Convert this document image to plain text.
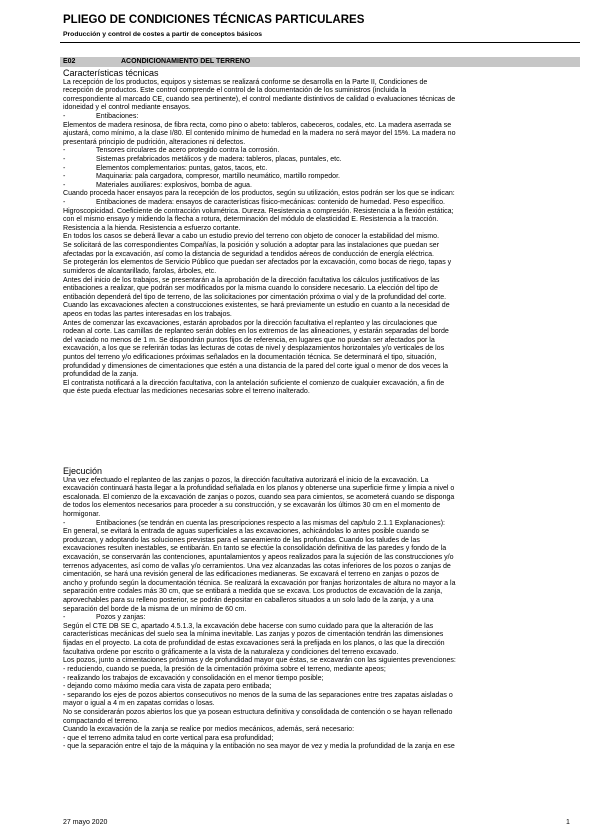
PLIEGO DE CONDICIONES TÉCNICAS PARTICULARES
Producción y control de costes a partir de conceptos básicos
E02	ACONDICIONAMIENTO DEL TERRENO
Características técnicas
La recepción de los productos, equipos y sistemas se realizará conforme se desarrolla en la Parte II, Condiciones de
recepción de productos. Este control comprende el control de la documentación de los suministros (incluida la
correspondiente al marcado CE, cuando sea pertinente), el control mediante distintivos de calidad o evaluaciones técnicas de
idoneidad y el control mediante ensayos.
-	Entibaciones:
Elementos de madera resinosa, de fibra recta, como pino o abeto: tableros, cabeceros, codales, etc. La madera aserrada se
ajustará, como mínimo, a la clase I/80. El contenido mínimo de humedad en la madera no será mayor del 15%. La madera no
presentará principio de pudrición, alteraciones ni defectos.
-	Tensores circulares de acero protegido contra la corrosión.
-	Sistemas prefabricados metálicos y de madera: tableros, placas, puntales, etc.
-	Elementos complementarios: puntas, gatos, tacos, etc.
-	Maquinaria: pala cargadora, compresor, martillo neumático, martillo rompedor.
-	Materiales auxiliares: explosivos, bomba de agua.
Cuando proceda hacer ensayos para la recepción de los productos, según su utilización, estos podrán ser los que se indican:
-	Entibaciones de madera: ensayos de características físico-mecánicas: contenido de humedad. Peso específico.
Higroscopicidad. Coeficiente de contracción volumétrica. Dureza. Resistencia a compresión. Resistencia a la flexión estática;
con el mismo ensayo y midiendo la flecha a rotura, determinación del módulo de elasticidad E. Resistencia a la tracción.
Resistencia a la hienda. Resistencia a esfuerzo cortante.
En todos los casos se deberá llevar a cabo un estudio previo del terreno con objeto de conocer la estabilidad del mismo.
Se solicitará de las correspondientes Compañías, la posición y solución a adoptar para las instalaciones que puedan ser
afectadas por la excavación, así como la distancia de seguridad a tendidos aéreos de conducción de energía eléctrica.
Se protegerán los elementos de Servicio Público que puedan ser afectados por la excavación, como bocas de riego, tapas y
sumideros de alcantarillado, farolas, árboles, etc.
Antes del inicio de los trabajos, se presentarán a la aprobación de la dirección facultativa los cálculos justificativos de las
entibaciones a realizar, que podrán ser modificados por la misma cuando lo considere necesario. La elección del tipo de
entibación dependerá del tipo de terreno, de las solicitaciones por cimentación próxima o vial y de la profundidad del corte.
Cuando las excavaciones afecten a construcciones existentes, se hará previamente un estudio en cuanto a la necesidad de
apeos en todas las partes interesadas en los trabajos.
Antes de comenzar las excavaciones, estarán aprobados por la dirección facultativa el replanteo y las circulaciones que
rodean al corte. Las camillas de replanteo serán dobles en los extremos de las alineaciones, y estarán separadas del borde
del vaciado no menos de 1 m. Se dispondrán puntos fijos de referencia, en lugares que no puedan ser afectados por la
excavación, a los que se referirán todas las lecturas de cotas de nivel y desplazamientos horizontales y/o verticales de los
puntos del terreno y/o edificaciones próximas señalados en la documentación técnica. Se determinará el tipo, situación,
profundidad y dimensiones de cimentaciones que estén a una distancia de la pared del corte igual o menor de dos veces la
profundidad de la zanja.
El contratista notificará a la dirección facultativa, con la antelación suficiente el comienzo de cualquier excavación, a fin de
que éste pueda efectuar las mediciones necesarias sobre el terreno inalterado.
Ejecución
Una vez efectuado el replanteo de las zanjas o pozos, la dirección facultativa autorizará el inicio de la excavación. La
excavación continuará hasta llegar a la profundidad señalada en los planos y obtenerse una superficie firme y limpia a nivel o
escalonada. El comienzo de la excavación de zanjas o pozos, cuando sea para cimientos, se acometerá cuando se disponga
de todos los elementos necesarios para proceder a su construcción, y se excavarán los últimos 30 cm en el momento de
hormigonar.
-	Entibaciones (se tendrán en cuenta las prescripciones respecto a las mismas del cap/tulo 2.1.1 Explanaciones):
En general, se evitará la entrada de aguas superficiales a las excavaciones, achicándolas lo antes posible cuando se
produzcan, y adoptando las soluciones previstas para el saneamiento de las profundas. Cuando los taludes de las
excavaciones resulten inestables, se entibarán. En tanto se efectúe la consolidación definitiva de las paredes y fondo de la
excavación, se conservarán las contenciones, apuntalamientos y apeos realizados para la sujeción de las construcciones y/o
terrenos adyacentes, así como de vallas y/o cerramientos. Una vez alcanzadas las cotas inferiores de los pozos o zanjas de
cimentación, se hará una revisión general de las edificaciones medianeras. Se excavará el terreno en zanjas o pozos de
ancho y profundo según la documentación técnica. Se realizará la excavación por franjas horizontales de altura no mayor a la
separación entre codales más 30 cm, que se entibará a medida que se excava. Los productos de excavación de la zanja,
aprovechables para su relleno posterior, se podrán depositar en caballeros situados a un solo lado de la zanja, y a una
separación del borde de la misma de un mínimo de 60 cm.
-	Pozos y zanjas:
Según el CTE DB SE C, apartado 4.5.1.3, la excavación debe hacerse con sumo cuidado para que la alteración de las
características mecánicas del suelo sea la mínima inevitable. Las zanjas y pozos de cimentación tendrán las dimensiones
fijadas en el proyecto. La cota de profundidad de estas excavaciones será la prefijada en los planos, o las que la dirección
facultativa ordene por escrito o gráficamente a la vista de la naturaleza y condiciones del terreno excavado.
Los pozos, junto a cimentaciones próximas y de profundidad mayor que éstas, se excavarán con las siguientes prevenciones:
- reduciendo, cuando se pueda, la presión de la cimentación próxima sobre el terreno, mediante apeos;
- realizando los trabajos de excavación y consolidación en el menor tiempo posible;
- dejando como máximo media cara vista de zapata pero entibada;
- separando los ejes de pozos abiertos consecutivos no menos de la suma de las separaciones entre tres zapatas aisladas o
mayor o igual a 4 m en zapatas corridas o losas.
No se considerarán pozos abiertos los que ya posean estructura definitiva y consolidada de contención o se hayan rellenado
compactando el terreno.
Cuando la excavación de la zanja se realice por medios mecánicos, además, será necesario:
- que el terreno admita talud en corte vertical para esa profundidad;
- que la separación entre el tajo de la máquina y la entibación no sea mayor de vez y media la profundidad de la zanja en ese
27 mayo 2020	1
